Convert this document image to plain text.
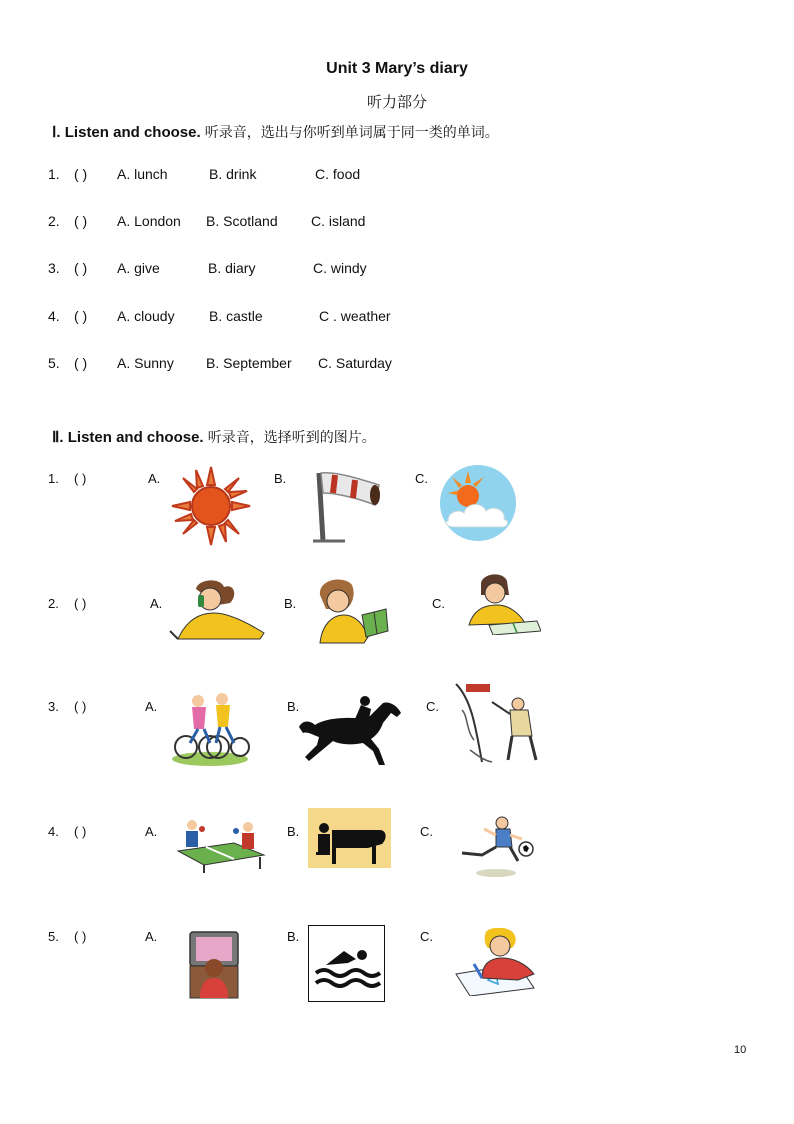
Unit 3 Mary’s diary
听力部分
Ⅰ. Listen and choose. 听录音，选出与你听到单词属于同一类的单词。
1. ( ) A. lunch	B. drink	C. food
2. ( ) A. London B. Scotland C. island
3. ( ) A. give	B. diary	C. windy
4. ( ) A. cloudy B. castle	C . weather
5. ( ) A. Sunny B. September C. Saturday
Ⅱ. Listen and choose. 听录音，选择听到的图片。
1. ( )	A.	B.	C.
2. ( )	A.	B.	C.
3. ( )	A.	B.	C.
4. ( )	A.	B.	C.
5. ( )	A.	B.	C.
10
